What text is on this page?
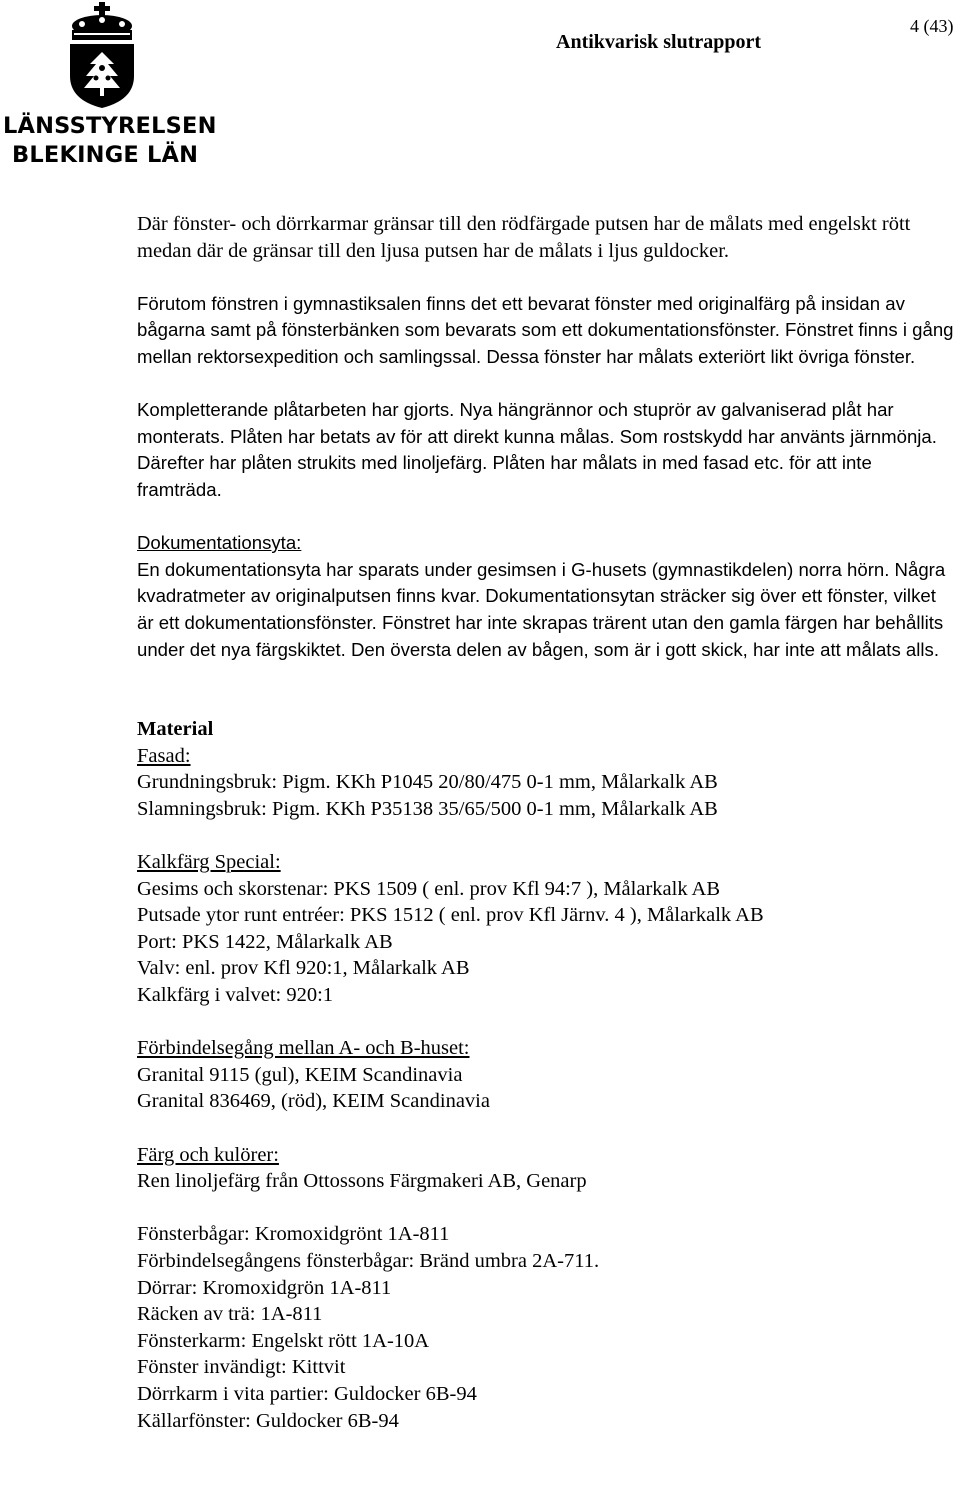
LÄNSSTYRELSEN
BLEKINGE LÄN
Antikvarisk slutrapport
4 (43)

Där fönster- och dörrkarmar gränsar till den rödfärgade putsen har de målats med engelskt rött medan där de gränsar till den ljusa putsen har de målats i ljus guldocker.

Förutom fönstren i gymnastiksalen finns det ett bevarat fönster med originalfärg på insidan av bågarna samt på fönsterbänken som bevarats som ett dokumentationsfönster. Fönstret finns i gång mellan rektorsexpedition och samlingssal. Dessa fönster har målats exteriört likt övriga fönster.

Kompletterande plåtarbeten har gjorts. Nya hängrännor och stuprör av galvaniserad plåt har monterats. Plåten har betats av för att direkt kunna målas. Som rostskydd har använts järnmönja. Därefter har plåten strukits med linoljefärg. Plåten har målats in med fasad etc. för att inte framträda.

Dokumentationsyta:

En dokumentationsyta har sparats under gesimsen i G-husets (gymnastikdelen) norra hörn. Några kvadratmeter av originalputsen finns kvar. Dokumentationsytan sträcker sig över ett fönster, vilket är ett dokumentationsfönster. Fönstret har inte skrapas trärent utan den gamla färgen har behållits under det nya färgskiktet. Den översta delen av bågen, som är i gott skick, har inte att målats alls.

Material

Fasad:

Grundningsbruk: Pigm. KKh P1045 20/80/475 0-1 mm, Målarkalk AB

Slamningsbruk: Pigm. KKh P35138 35/65/500 0-1 mm, Målarkalk AB

Kalkfärg Special:

Gesims och skorstenar: PKS 1509 ( enl. prov Kfl 94:7 ), Målarkalk AB

Putsade ytor runt entréer: PKS 1512 ( enl. prov Kfl Järnv. 4 ), Målarkalk AB

Port: PKS 1422, Målarkalk AB

Valv: enl. prov Kfl 920:1, Målarkalk AB

Kalkfärg i valvet: 920:1

Förbindelsegång mellan A- och B-huset:

Granital 9115 (gul), KEIM Scandinavia

Granital 836469, (röd), KEIM Scandinavia

Färg och kulörer:

Ren linoljefärg från Ottossons Färgmakeri AB, Genarp

Fönsterbågar: Kromoxidgrönt 1A-811

Förbindelsegångens fönsterbågar: Bränd umbra 2A-711.

Dörrar: Kromoxidgrön 1A-811

Räcken av trä: 1A-811

Fönsterkarm: Engelskt rött 1A-10A

Fönster invändigt: Kittvit

Dörrkarm i vita partier: Guldocker 6B-94

Källarfönster: Guldocker 6B-94
